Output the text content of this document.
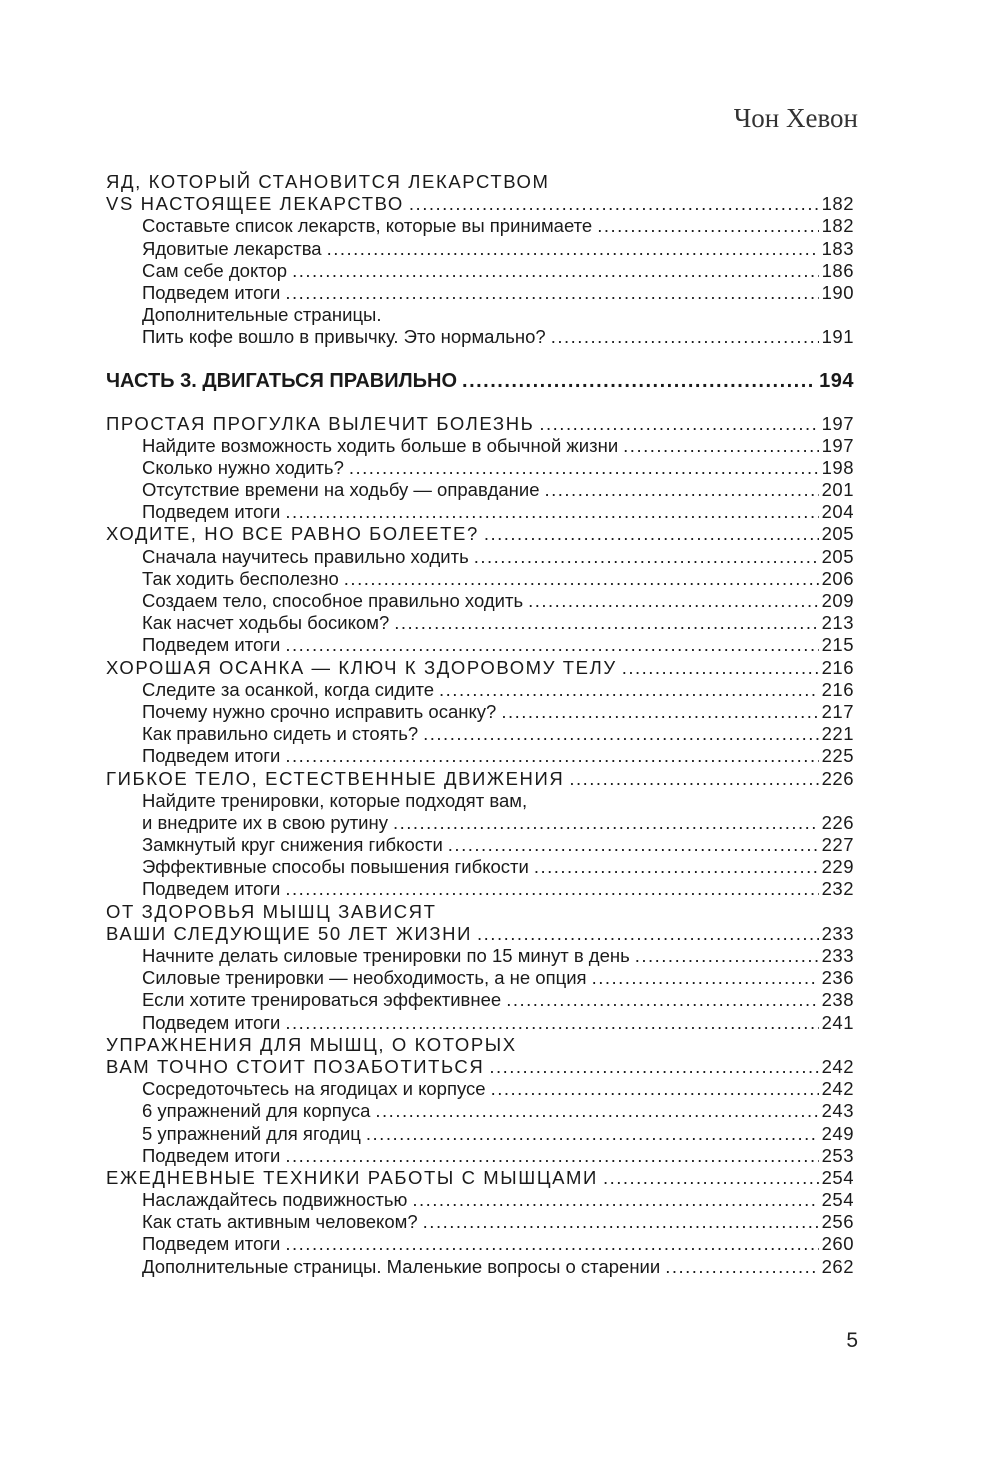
Чон Хевон
ЯД, КОТОРЫЙ СТАНОВИТСЯ ЛЕКАРСТВОМ
VS НАСТОЯЩЕЕ ЛЕКАРСТВО .....	182
Составьте список лекарств, которые вы принимаете .....	182
Ядовитые лекарства .....	183
Сам себе доктор .....	186
Подведем итоги .....	190
Дополнительные страницы.
Пить кофе вошло в привычку. Это нормально? .....	191
ЧАСТЬ 3. ДВИГАТЬСЯ ПРАВИЛЬНО .....	194
ПРОСТАЯ ПРОГУЛКА ВЫЛЕЧИТ БОЛЕЗНЬ .....	197
Найдите возможность ходить больше в обычной жизни .....	197
Сколько нужно ходить? .....	198
Отсутствие времени на ходьбу — оправдание .....	201
Подведем итоги .....	204
ХОДИТЕ, НО ВСЕ РАВНО БОЛЕЕТЕ? .....	205
Сначала научитесь правильно ходить .....	205
Так ходить бесполезно .....	206
Создаем тело, способное правильно ходить .....	209
Как насчет ходьбы босиком? .....	213
Подведем итоги .....	215
ХОРОШАЯ ОСАНКА — КЛЮЧ К ЗДОРОВОМУ ТЕЛУ .....	216
Следите за осанкой, когда сидите .....	216
Почему нужно срочно исправить осанку? .....	217
Как правильно сидеть и стоять? .....	221
Подведем итоги .....	225
ГИБКОЕ ТЕЛО, ЕСТЕСТВЕННЫЕ ДВИЖЕНИЯ .....	226
Найдите тренировки, которые подходят вам,
и внедрите их в свою рутину .....	226
Замкнутый круг снижения гибкости .....	227
Эффективные способы повышения гибкости .....	229
Подведем итоги .....	232
ОТ ЗДОРОВЬЯ МЫШЦ ЗАВИСЯТ
ВАШИ СЛЕДУЮЩИЕ 50 ЛЕТ ЖИЗНИ .....	233
Начните делать силовые тренировки по 15 минут в день .....	233
Силовые тренировки — необходимость, а не опция .....	236
Если хотите тренироваться эффективнее .....	238
Подведем итоги .....	241
УПРАЖНЕНИЯ ДЛЯ МЫШЦ, О КОТОРЫХ
ВАМ ТОЧНО СТОИТ ПОЗАБОТИТЬСЯ .....	242
Сосредоточьтесь на ягодицах и корпусе .....	242
6 упражнений для корпуса .....	243
5 упражнений для ягодиц .....	249
Подведем итоги .....	253
ЕЖЕДНЕВНЫЕ ТЕХНИКИ РАБОТЫ С МЫШЦАМИ .....	254
Наслаждайтесь подвижностью .....	254
Как стать активным человеком? .....	256
Подведем итоги .....	260
Дополнительные страницы. Маленькие вопросы о старении .....	262
5
